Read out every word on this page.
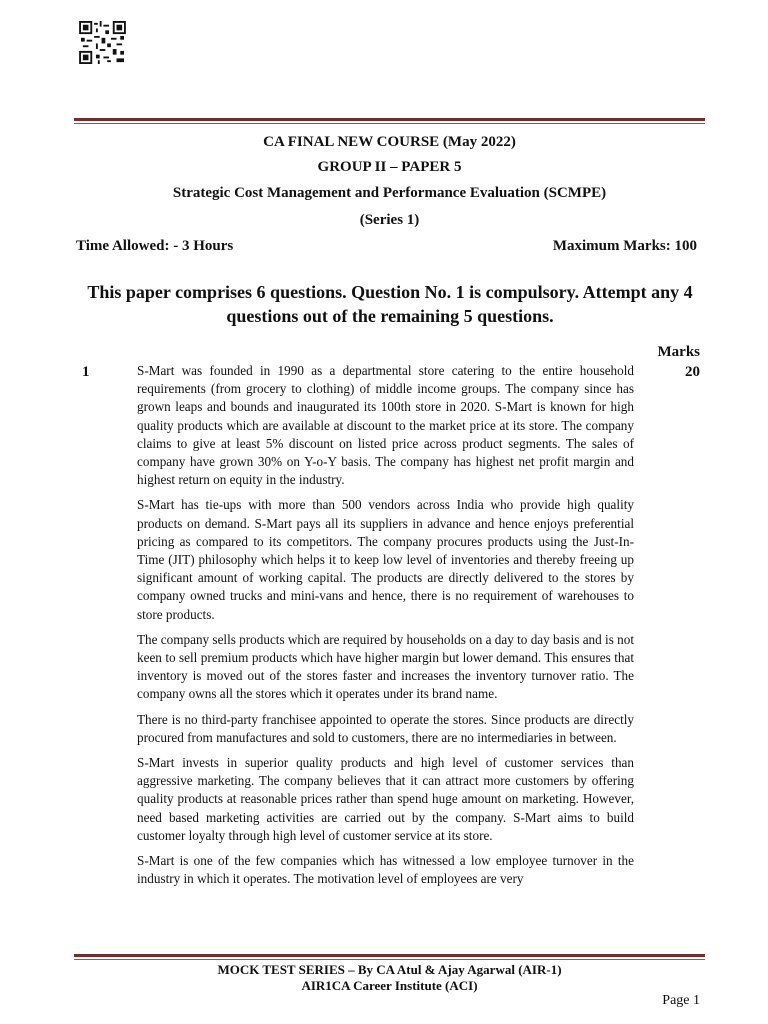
CA FINAL NEW COURSE (May 2022)
GROUP II – PAPER 5
Strategic Cost Management and Performance Evaluation (SCMPE)
(Series 1)
Time Allowed: - 3 Hours	Maximum Marks: 100
This paper comprises 6 questions. Question No. 1 is compulsory. Attempt any 4 questions out of the remaining 5 questions.
Marks
1	20

S-Mart was founded in 1990 as a departmental store catering to the entire household requirements (from grocery to clothing) of middle income groups. The company since has grown leaps and bounds and inaugurated its 100th store in 2020. S-Mart is known for high quality products which are available at discount to the market price at its store. The company claims to give at least 5% discount on listed price across product segments. The sales of company have grown 30% on Y-o-Y basis. The company has highest net profit margin and highest return on equity in the industry.

S-Mart has tie-ups with more than 500 vendors across India who provide high quality products on demand. S-Mart pays all its suppliers in advance and hence enjoys preferential pricing as compared to its competitors. The company procures products using the Just-In-Time (JIT) philosophy which helps it to keep low level of inventories and thereby freeing up significant amount of working capital. The products are directly delivered to the stores by company owned trucks and mini-vans and hence, there is no requirement of warehouses to store products.

The company sells products which are required by households on a day to day basis and is not keen to sell premium products which have higher margin but lower demand. This ensures that inventory is moved out of the stores faster and increases the inventory turnover ratio. The company owns all the stores which it operates under its brand name.

There is no third-party franchisee appointed to operate the stores. Since products are directly procured from manufactures and sold to customers, there are no intermediaries in between.

S-Mart invests in superior quality products and high level of customer services than aggressive marketing. The company believes that it can attract more customers by offering quality products at reasonable prices rather than spend huge amount on marketing. However, need based marketing activities are carried out by the company. S-Mart aims to build customer loyalty through high level of customer service at its store.

S-Mart is one of the few companies which has witnessed a low employee turnover in the industry in which it operates. The motivation level of employees are very

MOCK TEST SERIES – By CA Atul & Ajay Agarwal (AIR-1)
AIR1CA Career Institute (ACI)
Page 1
